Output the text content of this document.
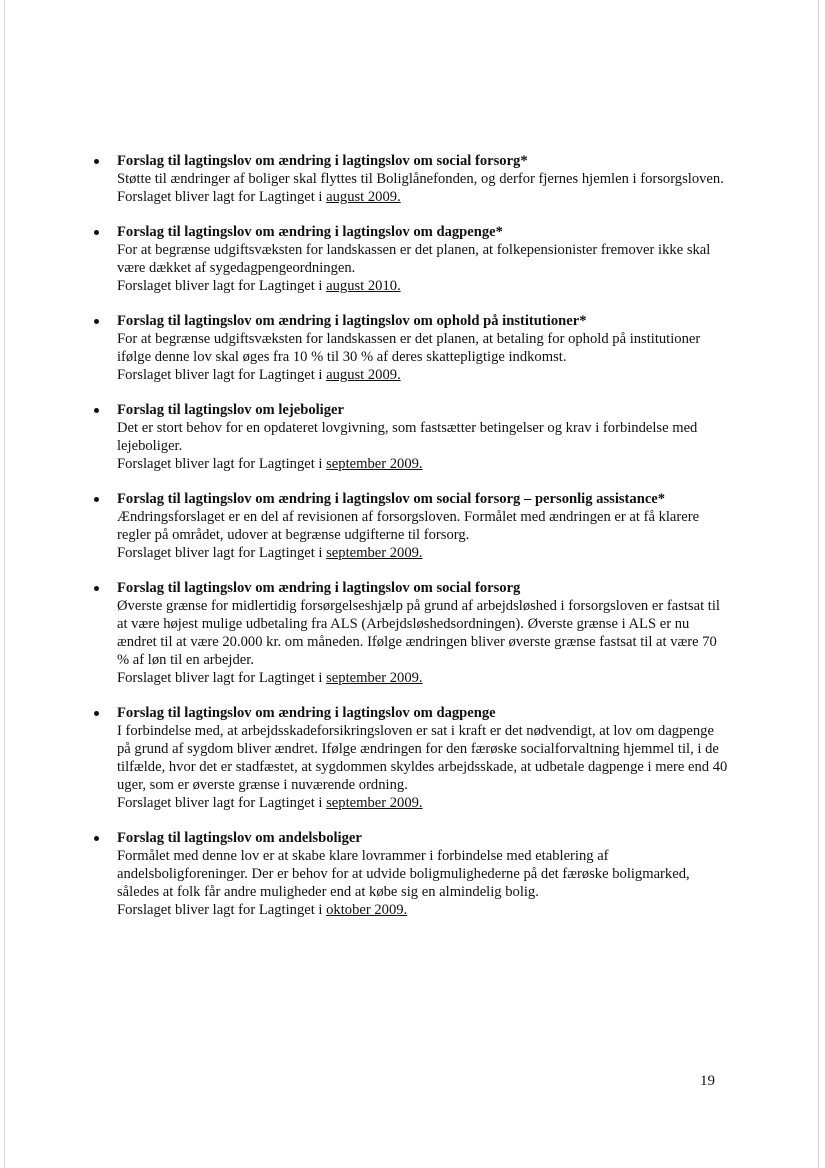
Forslag til lagtingslov om ændring i lagtingslov om social forsorg*
Støtte til ændringer af boliger skal flyttes til Boliglånefonden, og derfor fjernes hjemlen i forsorgsloven.
Forslaget bliver lagt for Lagtinget i august 2009.
Forslag til lagtingslov om ændring i lagtingslov om dagpenge*
For at begrænse udgiftsvæksten for landskassen er det planen, at folkepensionister fremover ikke skal være dækket af sygedagpengeordningen.
Forslaget bliver lagt for Lagtinget i august 2010.
Forslag til lagtingslov om ændring i lagtingslov om ophold på institutioner*
For at begrænse udgiftsvæksten for landskassen er det planen, at betaling for ophold på institutioner ifølge denne lov skal øges fra 10 % til 30 % af deres skattepligtige indkomst.
Forslaget bliver lagt for Lagtinget i august 2009.
Forslag til lagtingslov om lejeboliger
Det er stort behov for en opdateret lovgivning, som fastsætter betingelser og krav i forbindelse med lejeboliger.
Forslaget bliver lagt for Lagtinget i september 2009.
Forslag til lagtingslov om ændring i lagtingslov om social forsorg – personlig assistance*
Ændringsforslaget er en del af revisionen af forsorgsloven. Formålet med ændringen er at få klarere regler på området, udover at begrænse udgifterne til forsorg.
Forslaget bliver lagt for Lagtinget i september 2009.
Forslag til lagtingslov om ændring i lagtingslov om social forsorg
Øverste grænse for midlertidig forsørgelseshjælp på grund af arbejdsløshed i forsorgsloven er fastsat til at være højest mulige udbetaling fra ALS (Arbejdsløshedsordningen). Øverste grænse i ALS er nu ændret til at være 20.000 kr. om måneden. Ifølge ændringen bliver øverste grænse fastsat til at være 70 % af løn til en arbejder.
Forslaget bliver lagt for Lagtinget i september 2009.
Forslag til lagtingslov om ændring i lagtingslov om dagpenge
I forbindelse med, at arbejdsskadeforsikringsloven er sat i kraft er det nødvendigt, at lov om dagpenge på grund af sygdom bliver ændret. Ifølge ændringen for den færøske socialforvaltning hjemmel til, i de tilfælde, hvor det er stadfæstet, at sygdommen skyldes arbejdsskade, at udbetale dagpenge i mere end 40 uger, som er øverste grænse i nuværende ordning.
Forslaget bliver lagt for Lagtinget i september 2009.
Forslag til lagtingslov om andelsboliger
Formålet med denne lov er at skabe klare lovrammer i forbindelse med etablering af andelsboligforeninger. Der er behov for at udvide boligmulighederne på det færøske boligmarked, således at folk får andre muligheder end at købe sig en almindelig bolig.
Forslaget bliver lagt for Lagtinget i oktober 2009.
19
